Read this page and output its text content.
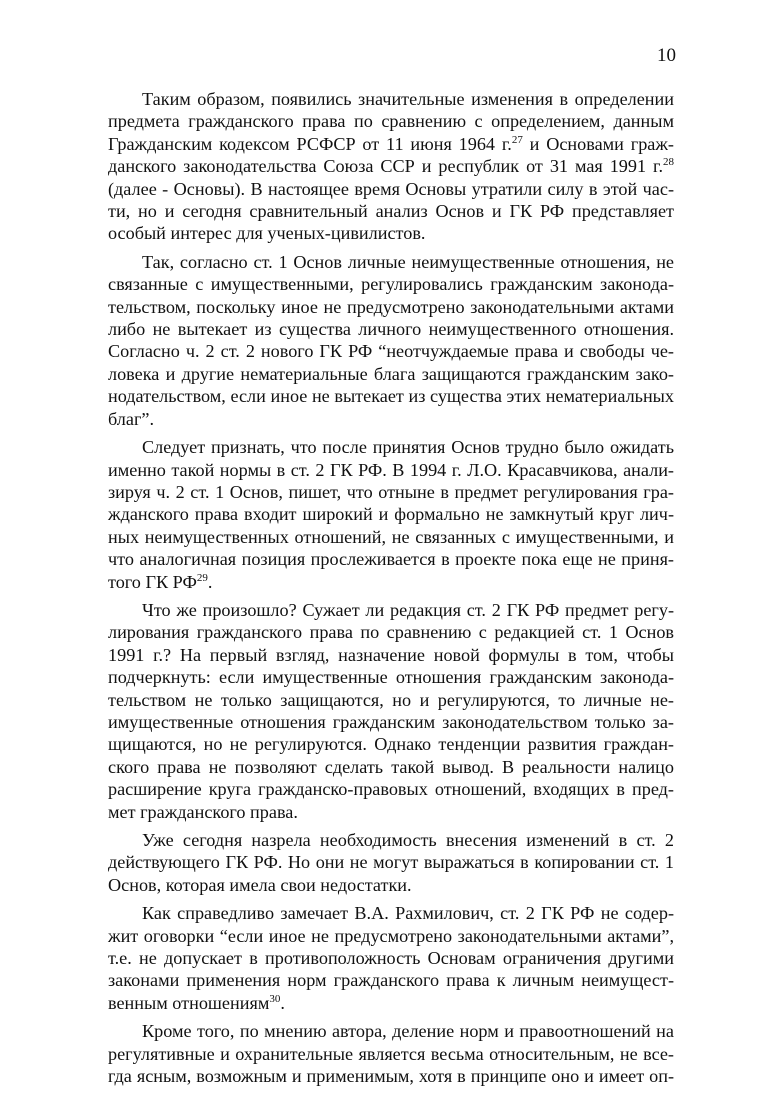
10
Таким образом, появились значительные изменения в определении
предмета гражданского права по сравнению с определением, данным
Гражданским кодексом РСФСР от 11 июня 1964 г.$^{27}$ и Основами граж-
данского законодательства Союза ССР и республик от 31 мая 1991 г.$^{28}$
(далее - Основы). В настоящее время Основы утратили силу в этой час-
ти, но и сегодня сравнительный анализ Основ и ГК РФ представляет
особый интерес для ученых-цивилистов.
Так, согласно ст. 1 Основ личные неимущественные отношения, не
связанные с имущественными, регулировались гражданским законода-
тельством, поскольку иное не предусмотрено законодательными актами
либо не вытекает из существа личного неимущественного отношения.
Согласно ч. 2 ст. 2 нового ГК РФ “неотчуждаемые права и свободы че-
ловека и другие нематериальные блага защищаются гражданским зако-
нодательством, если иное не вытекает из существа этих нематериальных
благ”.
Следует признать, что после принятия Основ трудно было ожидать
именно такой нормы в ст. 2 ГК РФ. В 1994 г. Л.О. Красавчикова, анали-
зируя ч. 2 ст. 1 Основ, пишет, что отныне в предмет регулирования гра-
жданского права входит широкий и формально не замкнутый круг лич-
ных неимущественных отношений, не связанных с имущественными, и
что аналогичная позиция прослеживается в проекте пока еще не приня-
того ГК РФ$^{29}$.
Что же произошло? Сужает ли редакция ст. 2 ГК РФ предмет регу-
лирования гражданского права по сравнению с редакцией ст. 1 Основ
1991 г.? На первый взгляд, назначение новой формулы в том, чтобы
подчеркнуть: если имущественные отношения гражданским законода-
тельством не только защищаются, но и регулируются, то личные не-
имущественные отношения гражданским законодательством только за-
щищаются, но не регулируются. Однако тенденции развития граждан-
ского права не позволяют сделать такой вывод. В реальности налицо
расширение круга гражданско-правовых отношений, входящих в пред-
мет гражданского права.
Уже сегодня назрела необходимость внесения изменений в ст. 2
действующего ГК РФ. Но они не могут выражаться в копировании ст. 1
Основ, которая имела свои недостатки.
Как справедливо замечает В.А. Рахмилович, ст. 2 ГК РФ не содер-
жит оговорки “если иное не предусмотрено законодательными актами”,
т.е. не допускает в противоположность Основам ограничения другими
законами применения норм гражданского права к личным неимущест-
венным отношениям$^{30}$.
Кроме того, по мнению автора, деление норм и правоотношений на
регулятивные и охранительные является весьма относительным, не все-
гда ясным, возможным и применимым, хотя в принципе оно и имеет оп-
